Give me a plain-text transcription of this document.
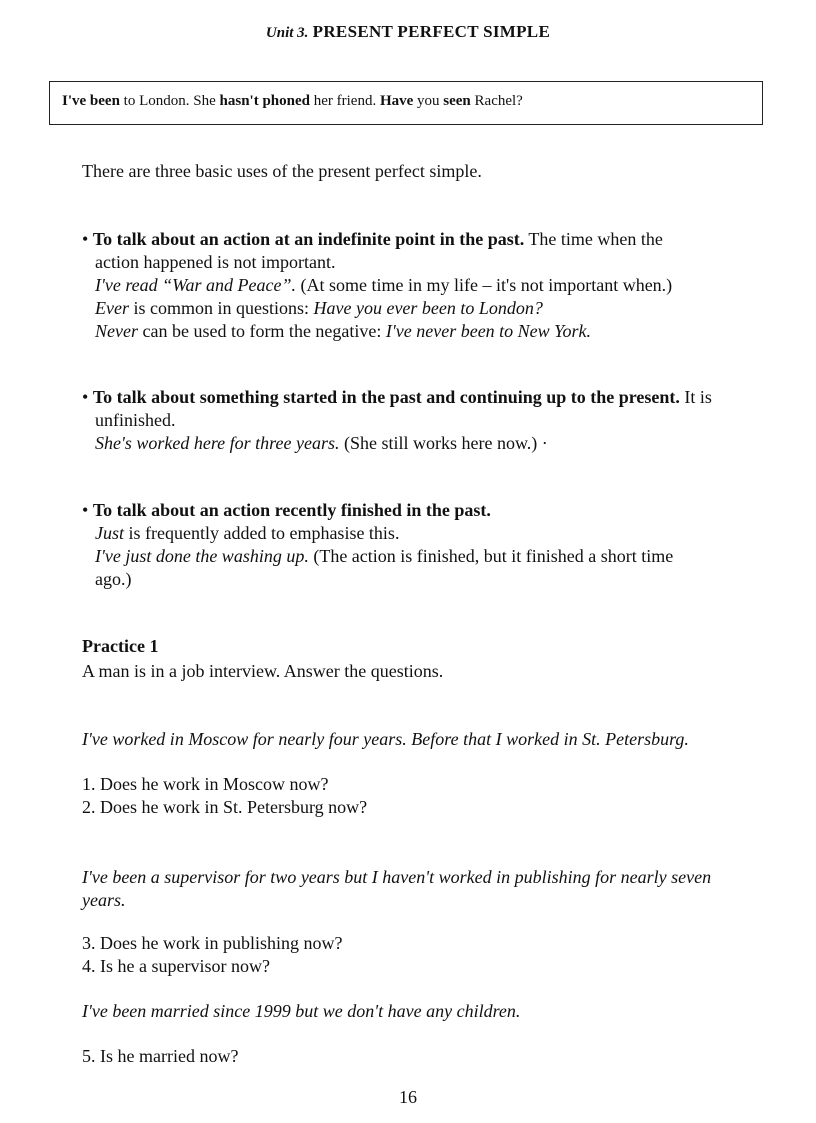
Unit 3. PRESENT PERFECT SIMPLE
I've been to London. She hasn't phoned her friend. Have you seen Rachel?
There are three basic uses of the present perfect simple.
• To talk about an action at an indefinite point in the past. The time when the
action happened is not important.
I've read “War and Peace”. (At some time in my life – it's not important when.)
Ever is common in questions: Have you ever been to London?
Never can be used to form the negative: I've never been to New York.
• To talk about something started in the past and continuing up to the present. It is
unfinished.
She's worked here for three years. (She still works here now.) ·
• To talk about an action recently finished in the past.
Just is frequently added to emphasise this.
I've just done the washing up. (The action is finished, but it finished a short time
ago.)
Practice 1
A man is in a job interview. Answer the questions.
I've worked in Moscow for nearly four years. Before that I worked in St. Petersburg.
1. Does he work in Moscow now?
2. Does he work in St. Petersburg now?
I've been a supervisor for two years but I haven't worked in publishing for nearly seven
years.
3. Does he work in publishing now?
4. Is he a supervisor now?
I've been married since 1999 but we don't have any children.
5. Is he married now?
16
